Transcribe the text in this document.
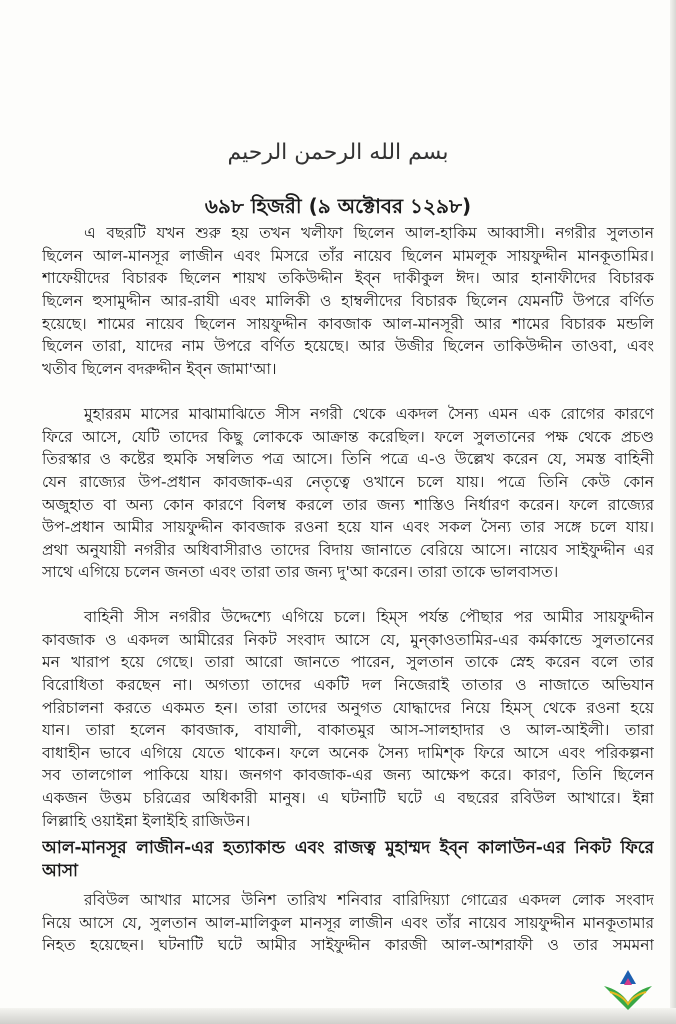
بسم الله الرحمن الرحيم
৬৯৮ হিজরী (৯ অক্টোবর ১২৯৮)
এ বছরটি যখন শুরু হয় তখন খলীফা ছিলেন আল-হাকিম আব্বাসী। নগরীর সুলতান
ছিলেন আল-মানসূর লাজীন এবং মিসরে তাঁর নায়েব ছিলেন মামলূক সায়ফুদ্দীন মানকূতামির।
শাফেয়ীদের বিচারক ছিলেন শায়খ তকিউদ্দীন ইব্‌ন দাকীকুল ঈদ। আর হানাফীদের বিচারক
ছিলেন হুসামুদ্দীন আর-রাযী এবং মালিকী ও হাম্বলীদের বিচারক ছিলেন যেমনটি উপরে বর্ণিত
হয়েছে। শামের নায়েব ছিলেন সায়ফুদ্দীন কাবজাক আল-মানসূরী আর শামের বিচারক মন্ডলি
ছিলেন তারা, যাদের নাম উপরে বর্ণিত হয়েছে। আর উজীর ছিলেন তাকিউদ্দীন তাওবা, এবং
খতীব ছিলেন বদরুদ্দীন ইব্‌ন জামা'আ।
মুহাররম মাসের মাঝামাঝিতে সীস নগরী থেকে একদল সৈন্য এমন এক রোগের কারণে
ফিরে আসে, যেটি তাদের কিছু লোককে আক্রান্ত করেছিল। ফলে সুলতানের পক্ষ থেকে প্রচণ্ড
তিরস্কার ও কষ্টের হুমকি সম্বলিত পত্র আসে। তিনি পত্রে এ-ও উল্লেখ করেন যে, সমস্ত বাহিনী
যেন রাজ্যের উপ-প্রধান কাবজাক-এর নেতৃত্বে ওখানে চলে যায়। পত্রে তিনি কেউ কোন
অজুহাত বা অন্য কোন কারণে বিলম্ব করলে তার জন্য শাস্তিও নির্ধারণ করেন। ফলে রাজ্যের
উপ-প্রধান আমীর সায়ফুদ্দীন কাবজাক রওনা হয়ে যান এবং সকল সৈন্য তার সঙ্গে চলে যায়।
প্রথা অনুযায়ী নগরীর অধিবাসীরাও তাদের বিদায় জানাতে বেরিয়ে আসে। নায়েব সাইফুদ্দীন এর
সাথে এগিয়ে চলেন জনতা এবং তারা তার জন্য দু'আ করেন। তারা তাকে ভালবাসত।
বাহিনী সীস নগরীর উদ্দেশ্যে এগিয়ে চলে। হিম্‌স পর্যন্ত পৌছার পর আমীর সায়ফুদ্দীন
কাবজাক ও একদল আমীরের নিকট সংবাদ আসে যে, মুন্‌কাওতামির-এর কর্মকান্ডে সুলতানের
মন খারাপ হয়ে গেছে। তারা আরো জানতে পারেন, সুলতান তাকে স্নেহ করেন বলে তার
বিরোধিতা করছেন না। অগত্যা তাদের একটি দল নিজেরাই তাতার ও নাজাতে অভিযান
পরিচালনা করতে একমত হন। তারা তাদের অনুগত যোদ্ধাদের নিয়ে হিমস্‌ থেকে রওনা হয়ে
যান। তারা হলেন কাবজাক, বাযালী, বাকাতমুর আস-সালহাদার ও আল-আইলী। তারা
বাধাহীন ভাবে এগিয়ে যেতে থাকেন। ফলে অনেক সৈন্য দামিশ্‌ক ফিরে আসে এবং পরিকল্পনা
সব তালগোল পাকিয়ে যায়। জনগণ কাবজাক-এর জন্য আক্ষেপ করে। কারণ, তিনি ছিলেন
একজন উত্তম চরিত্রের অধিকারী মানুষ। এ ঘটনাটি ঘটে এ বছরের রবিউল আখারে। ইন্না
লিল্লাহি ওয়াইন্না ইলাইহি রাজিউন।
আল-মানসূর লাজীন-এর হত্যাকান্ড এবং রাজত্ব মুহাম্মদ ইব্‌ন কালাউন-এর নিকট ফিরে
আসা
রবিউল আখার মাসের উনিশ তারিখ শনিবার বারিদিয়্যা গোত্রের একদল লোক সংবাদ
নিয়ে আসে যে, সুলতান আল-মালিকুল মানসূর লাজীন এবং তাঁর নায়েব সায়ফুদ্দীন মানকূতামার
নিহত হয়েছেন। ঘটনাটি ঘটে আমীর সাইফুদ্দীন কারজী আল-আশরাফী ও তার সমমনা
